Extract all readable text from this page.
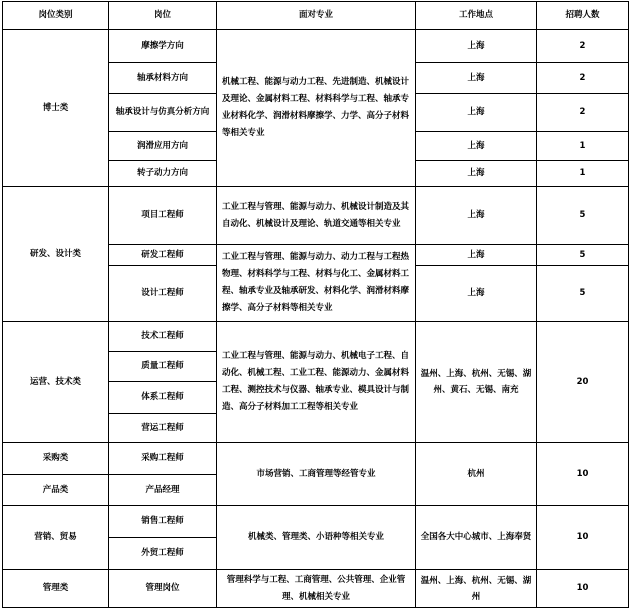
岗位类别	岗位	面对专业	工作地点	招聘人数
博士类	摩擦学方向	机械工程、能源与动力工程、先进制造、机械设计及理论、金属材料工程、材料科学与工程、轴承专业材料化学、润滑材料摩擦学、力学、高分子材料等相关专业	上海	2
	轴承材料方向		上海	2
	轴承设计与仿真分析方向		上海	2
	润滑应用方向		上海	1
	转子动力方向		上海	1
研发、设计类	项目工程师	工业工程与管理、能源与动力、机械设计制造及其自动化、机械设计及理论、轨道交通等相关专业	上海	5
	研发工程师	工业工程与管理、能源与动力、动力工程与工程热物理、材料科学与工程、材料与化工、金属材料工程、轴承专业及轴承研发、材料化学、润滑材料摩擦学、高分子材料等相关专业	上海	5
	设计工程师		上海	5
运营、技术类	技术工程师	工业工程与管理、能源与动力、机械电子工程、自动化、机械工程、工业工程、能源动力、金属材料工程、测控技术与仪器、轴承专业、模具设计与制造、高分子材料加工工程等相关专业	温州、上海、杭州、无锡、湖州、黄石、无锡、南充	20
	质量工程师			
	体系工程师			
	营运工程师			
采购类	采购工程师	市场营销、工商管理等经管专业	杭州	10
产品类	产品经理			
营销、贸易	销售工程师	机械类、管理类、小语种等相关专业	全国各大中心城市、上海奉贤	10
	外贸工程师			
管理类	管理岗位	管理科学与工程、工商管理、公共管理、企业管理、机械相关专业	温州、上海、杭州、无锡、湖州	10
